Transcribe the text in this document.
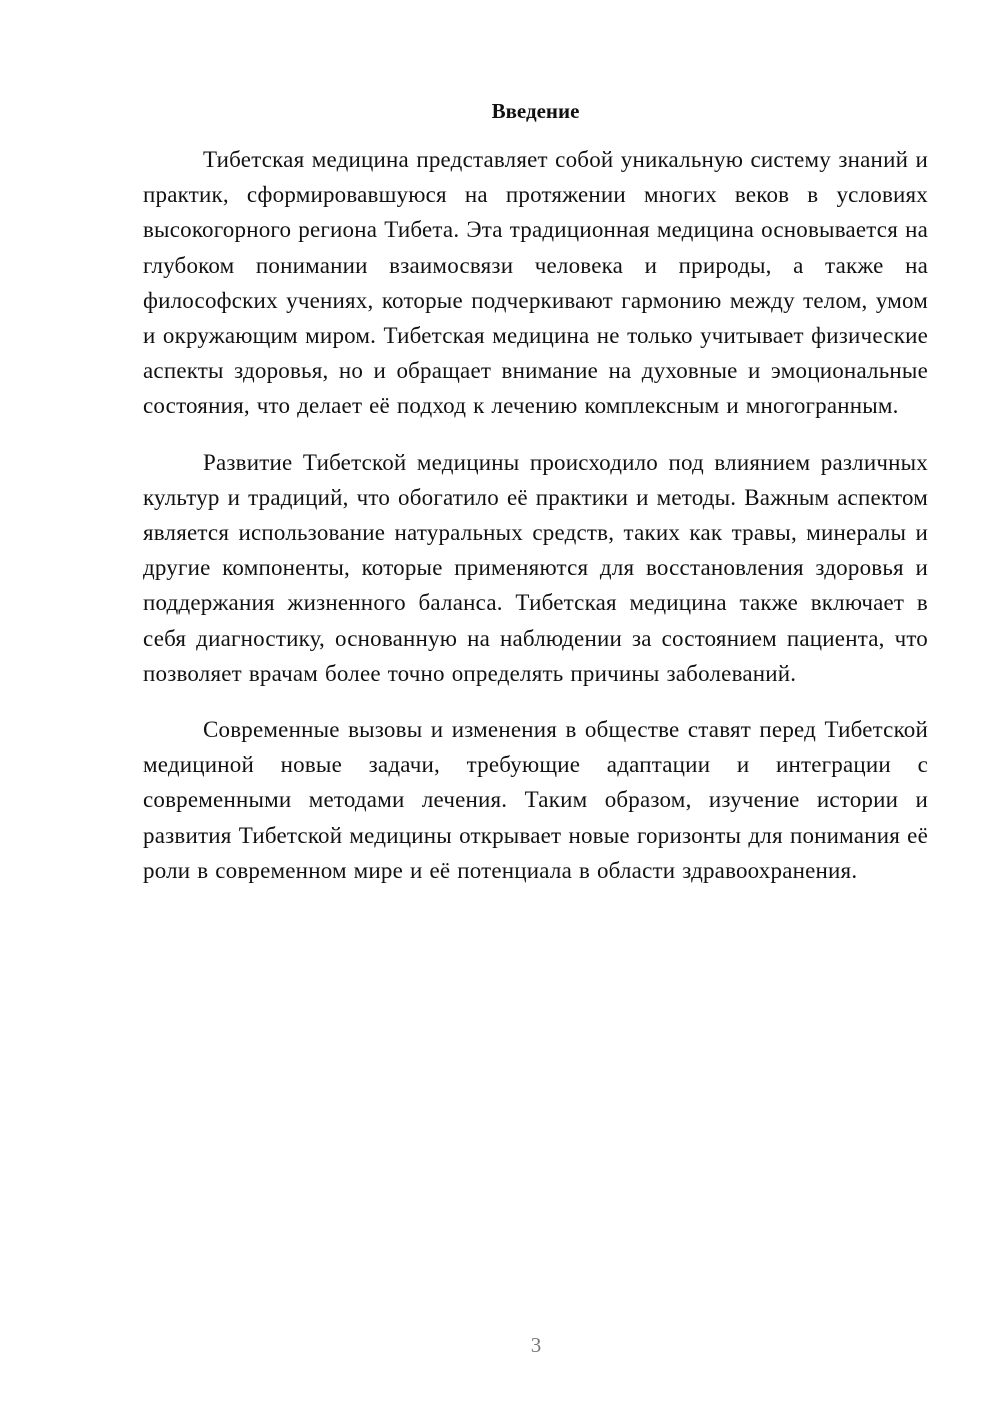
Введение

Тибетская медицина представляет собой уникальную систему знаний и практик, сформировавшуюся на протяжении многих веков в условиях высокогорного региона Тибета. Эта традиционная медицина основывается на глубоком понимании взаимосвязи человека и природы, а также на философских учениях, которые подчеркивают гармонию между телом, умом и окружающим миром. Тибетская медицина не только учитывает физические аспекты здоровья, но и обращает внимание на духовные и эмоциональные состояния, что делает её подход к лечению комплексным и многогранным.

Развитие Тибетской медицины происходило под влиянием различных культур и традиций, что обогатило её практики и методы. Важным аспектом является использование натуральных средств, таких как травы, минералы и другие компоненты, которые применяются для восстановления здоровья и поддержания жизненного баланса. Тибетская медицина также включает в себя диагностику, основанную на наблюдении за состоянием пациента, что позволяет врачам более точно определять причины заболеваний.

Современные вызовы и изменения в обществе ставят перед Тибетской медициной новые задачи, требующие адаптации и интеграции с современными методами лечения. Таким образом, изучение истории и развития Тибетской медицины открывает новые горизонты для понимания её роли в современном мире и её потенциала в области здравоохранения.

3
